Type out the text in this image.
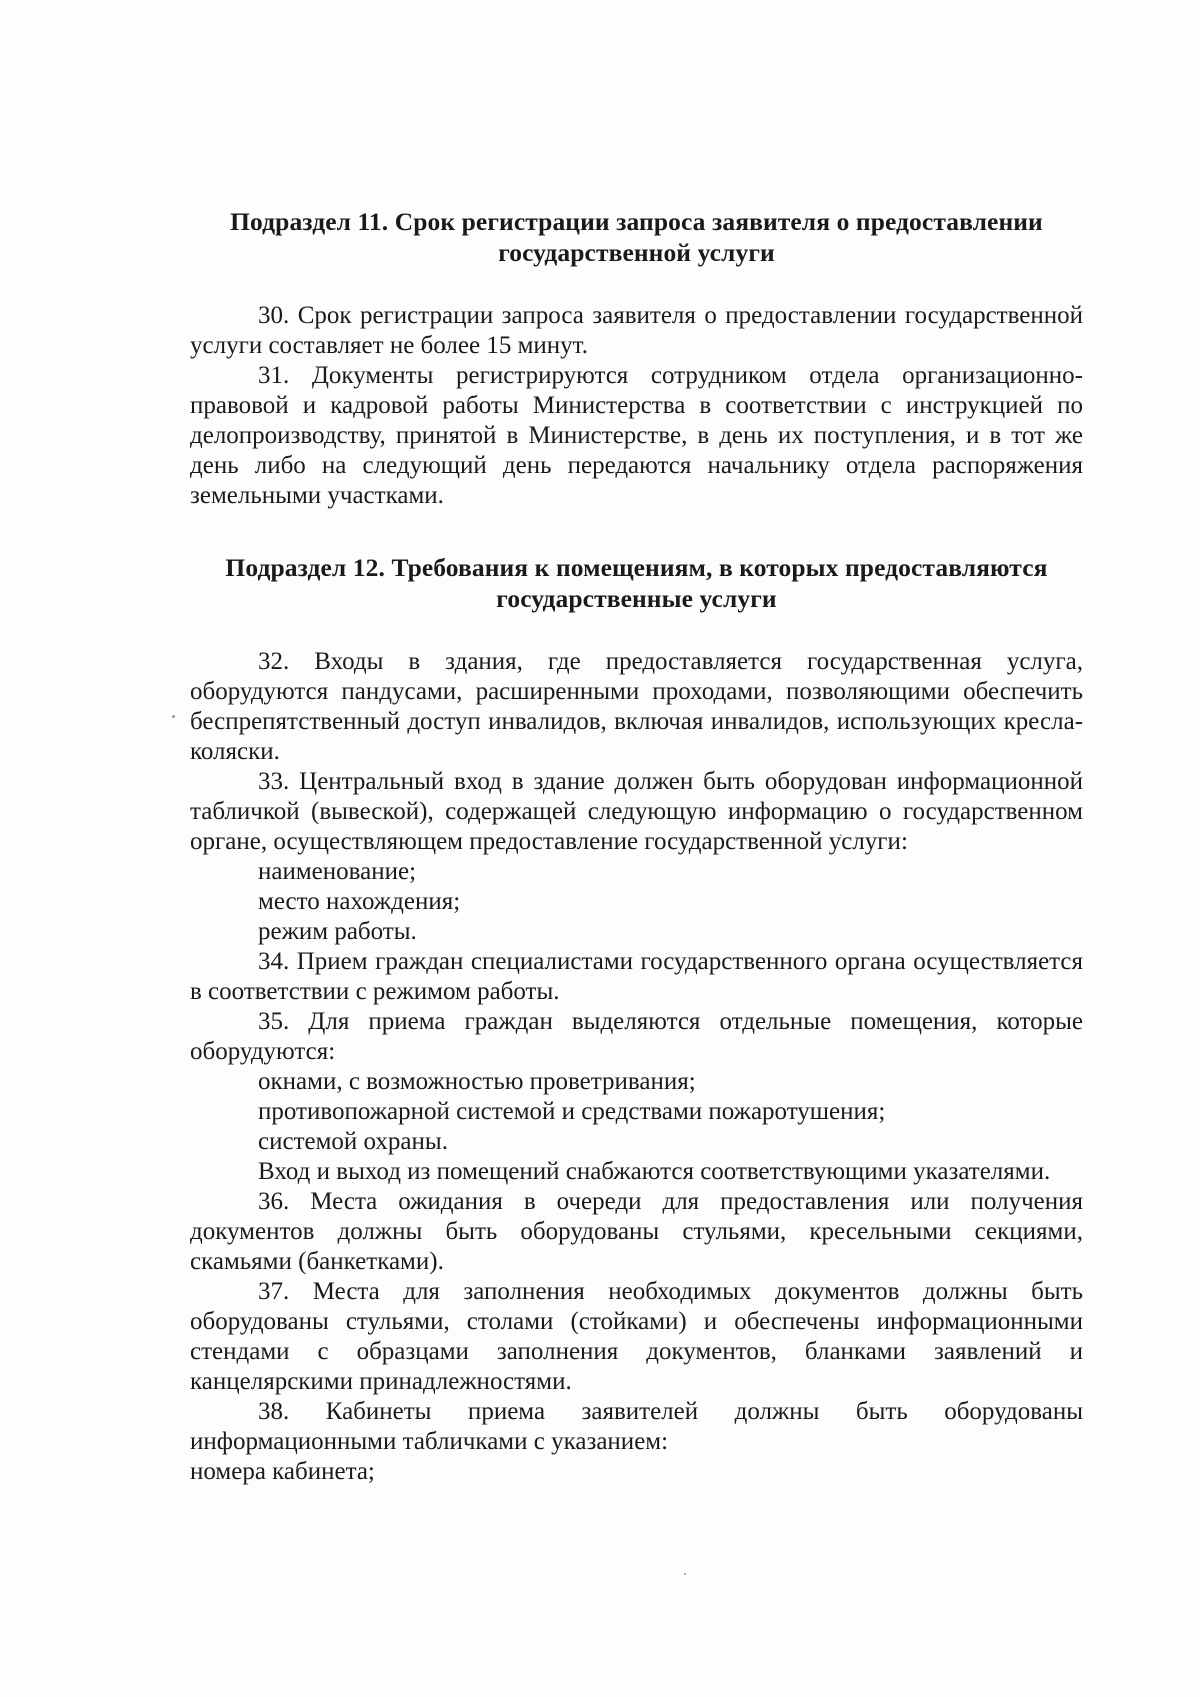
Подраздел 11. Срок регистрации запроса заявителя о предоставлении
государственной услуги

30. Срок регистрации запроса заявителя о предоставлении государственной услуги составляет не более 15 минут.

31. Документы регистрируются сотрудником отдела организационно-правовой и кадровой работы Министерства в соответствии с инструкцией по делопроизводству, принятой в Министерстве, в день их поступления, и в тот же день либо на следующий день передаются начальнику отдела распоряжения земельными участками.

Подраздел 12. Требования к помещениям, в которых предоставляются
государственные услуги

32. Входы в здания, где предоставляется государственная услуга, оборудуются пандусами, расширенными проходами, позволяющими обеспечить беспрепятственный доступ инвалидов, включая инвалидов, использующих кресла-коляски.

33. Центральный вход в здание должен быть оборудован информационной табличкой (вывеской), содержащей следующую информацию о государственном органе, осуществляющем предоставление государственной услуги:

наименование;

место нахождения;

режим работы.

34. Прием граждан специалистами государственного органа осуществляется в соответствии с режимом работы.

35. Для приема граждан выделяются отдельные помещения, которые оборудуются:

окнами, с возможностью проветривания;

противопожарной системой и средствами пожаротушения;

системой охраны.

Вход и выход из помещений снабжаются соответствующими указателями.

36. Места ожидания в очереди для предоставления или получения документов должны быть оборудованы стульями, кресельными секциями, скамьями (банкетками).

37. Места для заполнения необходимых документов должны быть оборудованы стульями, столами (стойками) и обеспечены информационными стендами с образцами заполнения документов, бланками заявлений и канцелярскими принадлежностями.

38. Кабинеты приема заявителей должны быть оборудованы информационными табличками с указанием:

номера кабинета;
